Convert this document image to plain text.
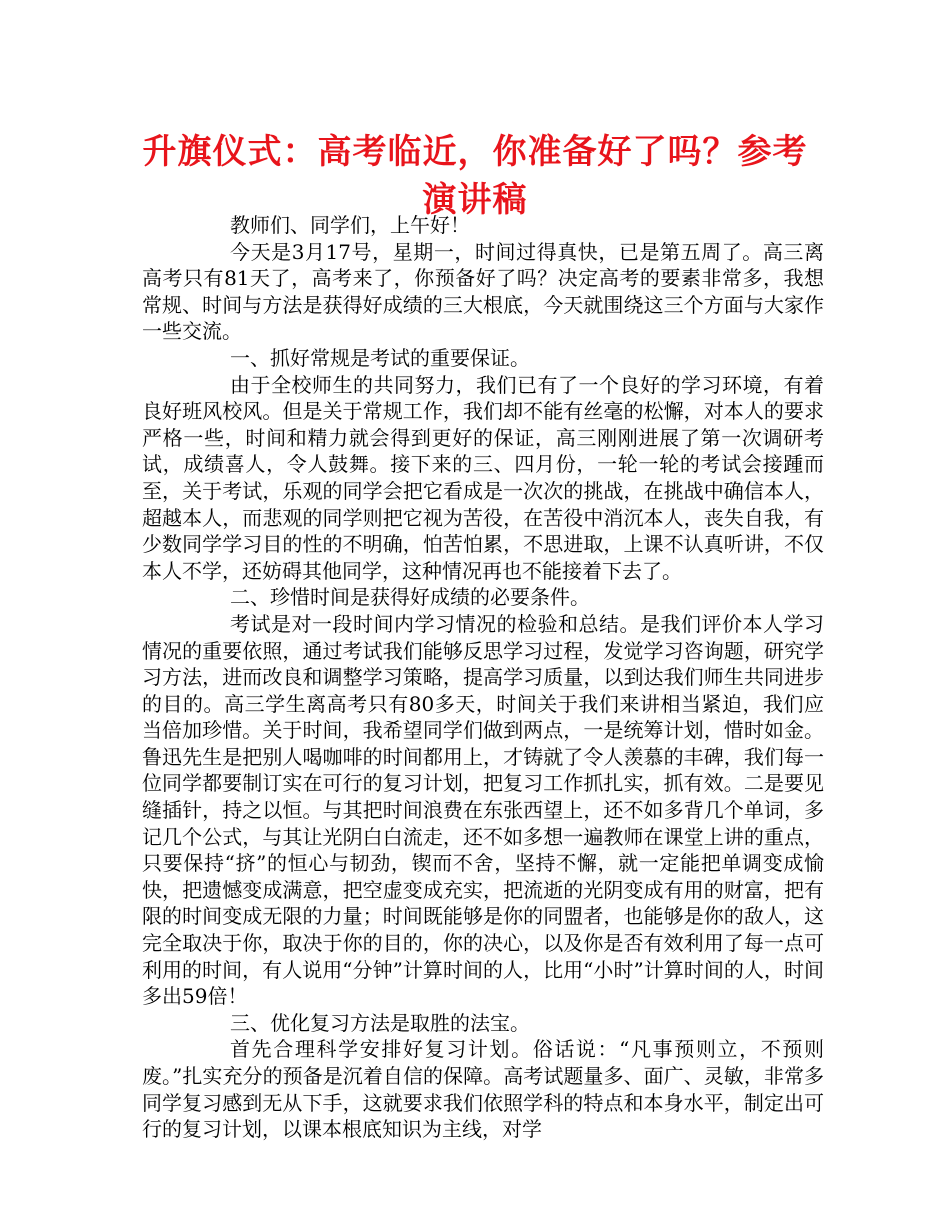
升旗仪式：高考临近，你准备好了吗？参考演讲稿

教师们、同学们，上午好！

今天是3月17号，星期一，时间过得真快，已是第五周了。高三离高考只有81天了，高考来了，你预备好了吗？决定高考的要素非常多，我想常规、时间与方法是获得好成绩的三大根底，今天就围绕这三个方面与大家作一些交流。

一、抓好常规是考试的重要保证。

由于全校师生的共同努力，我们已有了一个良好的学习环境，有着良好班风校风。但是关于常规工作，我们却不能有丝毫的松懈，对本人的要求严格一些，时间和精力就会得到更好的保证，高三刚刚进展了第一次调研考试，成绩喜人，令人鼓舞。接下来的三、四月份，一轮一轮的考试会接踵而至，关于考试，乐观的同学会把它看成是一次次的挑战，在挑战中确信本人，超越本人，而悲观的同学则把它视为苦役，在苦役中消沉本人，丧失自我，有少数同学学习目的性的不明确，怕苦怕累，不思进取，上课不认真听讲，不仅本人不学，还妨碍其他同学，这种情况再也不能接着下去了。

二、珍惜时间是获得好成绩的必要条件。

考试是对一段时间内学习情况的检验和总结。是我们评价本人学习情况的重要依照，通过考试我们能够反思学习过程，发觉学习咨询题，研究学习方法，进而改良和调整学习策略，提高学习质量，以到达我们师生共同进步的目的。高三学生离高考只有80多天，时间关于我们来讲相当紧迫，我们应当倍加珍惜。关于时间，我希望同学们做到两点，一是统筹计划，惜时如金。鲁迅先生是把别人喝咖啡的时间都用上，才铸就了令人羡慕的丰碑，我们每一位同学都要制订实在可行的复习计划，把复习工作抓扎实，抓有效。二是要见缝插针，持之以恒。与其把时间浪费在东张西望上，还不如多背几个单词，多记几个公式，与其让光阴白白流走，还不如多想一遍教师在课堂上讲的重点，只要保持“挤”的恒心与韧劲，锲而不舍，坚持不懈，就一定能把单调变成愉快，把遗憾变成满意，把空虚变成充实，把流逝的光阴变成有用的财富，把有限的时间变成无限的力量；时间既能够是你的同盟者，也能够是你的敌人，这完全取决于你，取决于你的目的，你的决心，以及你是否有效利用了每一点可利用的时间，有人说用“分钟”计算时间的人，比用“小时”计算时间的人，时间多出59倍！

三、优化复习方法是取胜的法宝。

首先合理科学安排好复习计划。俗话说：“凡事预则立，不预则废。”扎实充分的预备是沉着自信的保障。高考试题量多、面广、灵敏，非常多同学复习感到无从下手，这就要求我们依照学科的特点和本身水平，制定出可行的复习计划，以课本根底知识为主线，对学
